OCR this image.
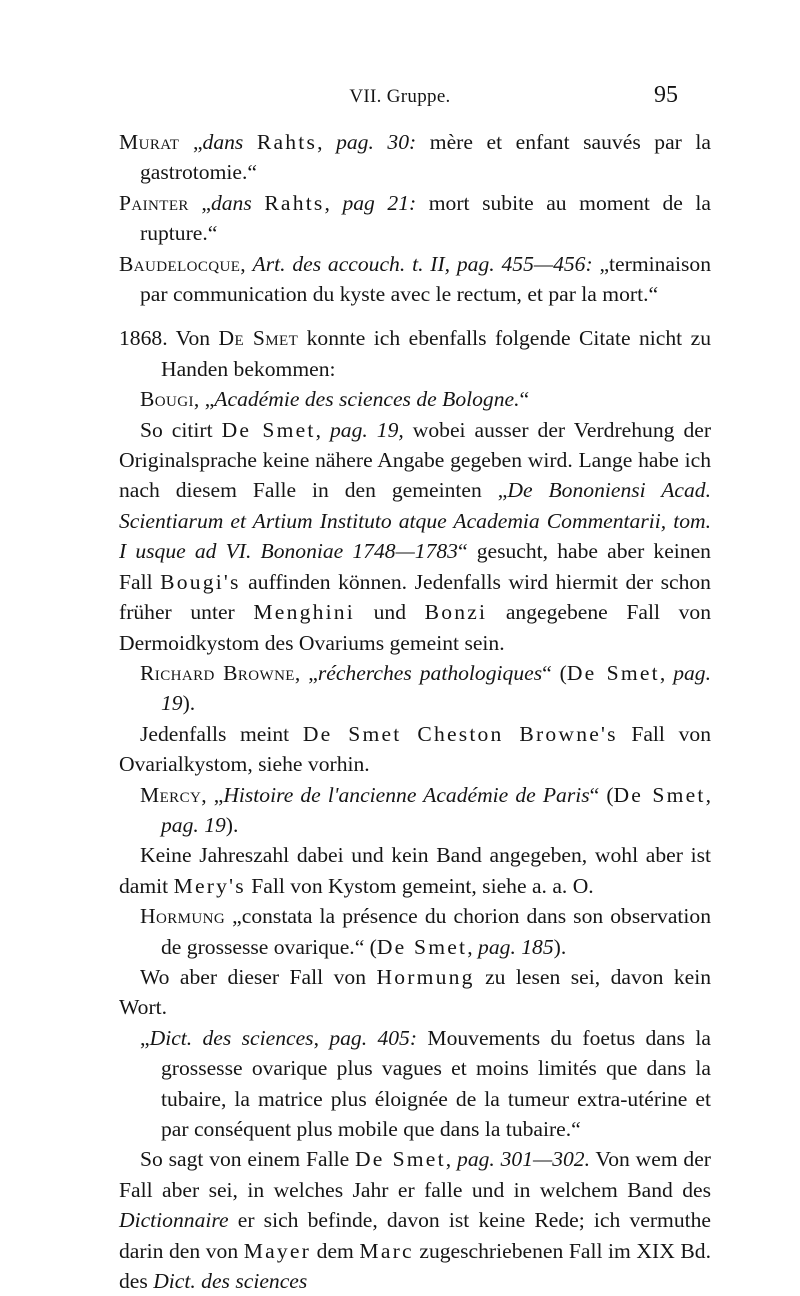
VII. Gruppe.	95

Murat „dans Rahts, pag. 30: mère et enfant sauvés par la gastrotomie.“

Painter „dans Rahts, pag 21: mort subite au moment de la rupture.“

Baudelocque, Art. des accouch. t. II, pag. 455—456: „terminaison par communication du kyste avec le rectum, et par la mort.“

1868. Von De Smet konnte ich ebenfalls folgende Citate nicht zu Handen bekommen:

Bougi, „Académie des sciences de Bologne.“

So citirt De Smet, pag. 19, wobei ausser der Verdrehung der Originalsprache keine nähere Angabe gegeben wird. Lange habe ich nach diesem Falle in den gemeinten „De Bononiensi Acad. Scientiarum et Artium Instituto atque Academia Commentarii, tom. I usque ad VI. Bononiae 1748—1783“ gesucht, habe aber keinen Fall Bougi's auffinden können. Jedenfalls wird hiermit der schon früher unter Menghini und Bonzi angegebene Fall von Dermoidkystom des Ovariums gemeint sein.

Richard Browne, „récherches pathologiques“ (De Smet, pag. 19).

Jedenfalls meint De Smet Cheston Browne's Fall von Ovarialkystom, siehe vorhin.

Mercy, „Histoire de l'ancienne Académie de Paris“ (De Smet, pag. 19).

Keine Jahreszahl dabei und kein Band angegeben, wohl aber ist damit Mery's Fall von Kystom gemeint, siehe a. a. O.

Hormung „constata la présence du chorion dans son observation de grossesse ovarique.“ (De Smet, pag. 185).

Wo aber dieser Fall von Hormung zu lesen sei, davon kein Wort.

„Dict. des sciences, pag. 405: Mouvements du foetus dans la grossesse ovarique plus vagues et moins limités que dans la tubaire, la matrice plus éloignée de la tumeur extra-utérine et par conséquent plus mobile que dans la tubaire.“

So sagt von einem Falle De Smet, pag. 301—302. Von wem der Fall aber sei, in welches Jahr er falle und in welchem Band des Dictionnaire er sich befinde, davon ist keine Rede; ich vermuthe darin den von Mayer dem Marc zugeschriebenen Fall im XIX Bd. des Dict. des sciences
